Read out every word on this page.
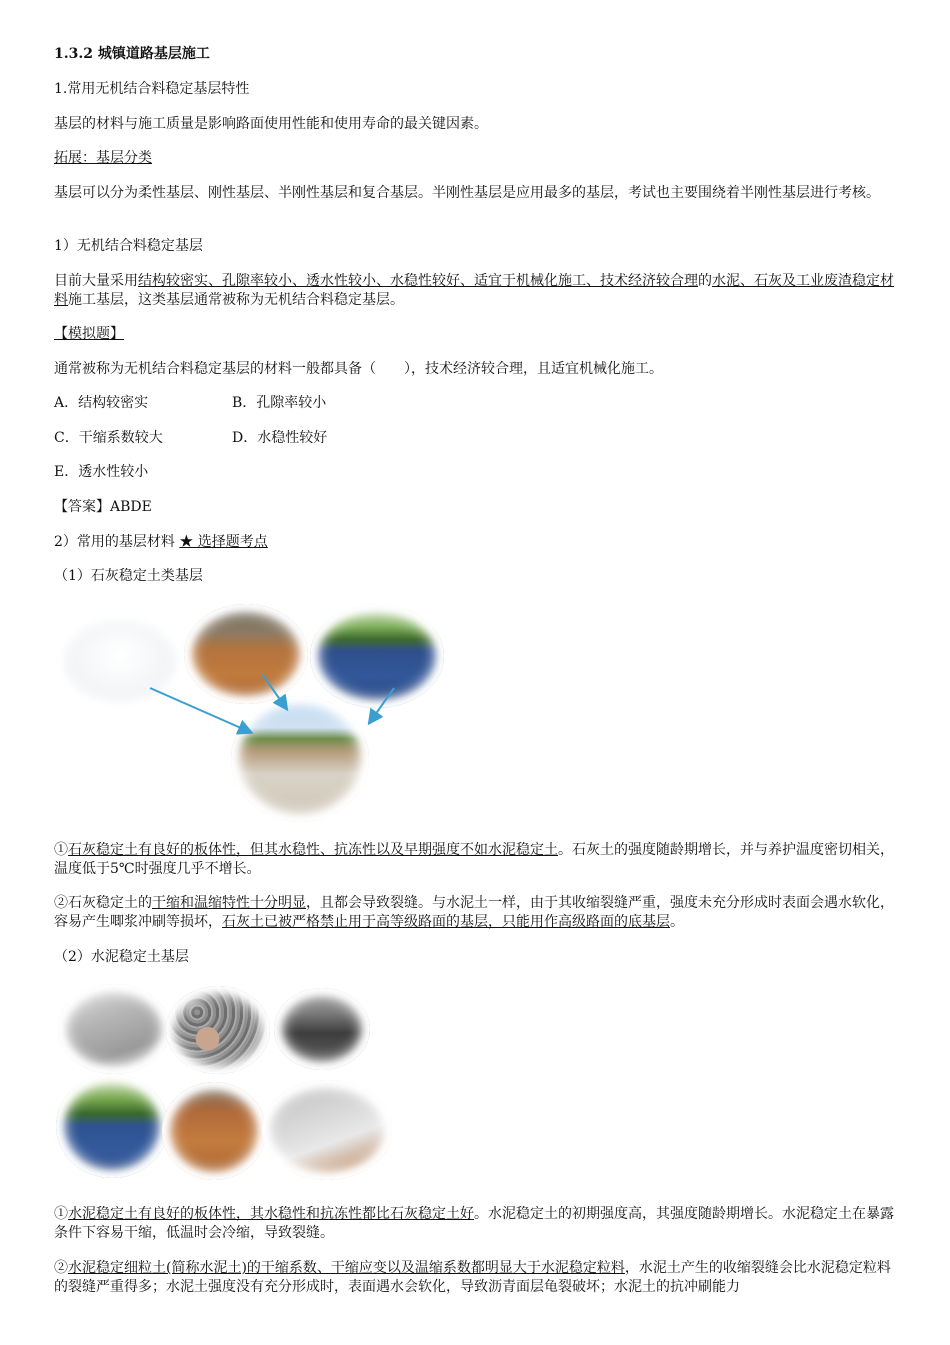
1.3.2 城镇道路基层施工

1.常用无机结合料稳定基层特性

基层的材料与施工质量是影响路面使用性能和使用寿命的最关键因素。

拓展：基层分类

基层可以分为柔性基层、刚性基层、半刚性基层和复合基层。半刚性基层是应用最多的基层，考试也主要围绕着半刚性基层进行考核。

1）无机结合料稳定基层

目前大量采用结构较密实、孔隙率较小、透水性较小、水稳性较好、适宜于机械化施工、技术经济较合理的水泥、石灰及工业废渣稳定材料施工基层，这类基层通常被称为无机结合料稳定基层。

【模拟题】

通常被称为无机结合料稳定基层的材料一般都具备（　　），技术经济较合理，且适宜机械化施工。

A．结构较密实	B．孔隙率较小

C．干缩系数较大	D．水稳性较好

E．透水性较小

【答案】ABDE

2）常用的基层材料 ★ 选择题考点

（1）石灰稳定土类基层

①石灰稳定土有良好的板体性，但其水稳性、抗冻性以及早期强度不如水泥稳定土。石灰土的强度随龄期增长，并与养护温度密切相关，温度低于5℃时强度几乎不增长。

②石灰稳定土的干缩和温缩特性十分明显，且都会导致裂缝。与水泥土一样，由于其收缩裂缝严重，强度未充分形成时表面会遇水软化，容易产生唧浆冲刷等损坏，石灰土已被严格禁止用于高等级路面的基层，只能用作高级路面的底基层。

（2）水泥稳定土基层

①水泥稳定土有良好的板体性，其水稳性和抗冻性都比石灰稳定土好。水泥稳定土的初期强度高，其强度随龄期增长。水泥稳定土在暴露条件下容易干缩，低温时会冷缩，导致裂缝。

②水泥稳定细粒土(简称水泥土)的干缩系数、干缩应变以及温缩系数都明显大于水泥稳定粒料，水泥土产生的收缩裂缝会比水泥稳定粒料的裂缝严重得多；水泥土强度没有充分形成时，表面遇水会软化，导致沥青面层龟裂破坏；水泥土的抗冲刷能力
